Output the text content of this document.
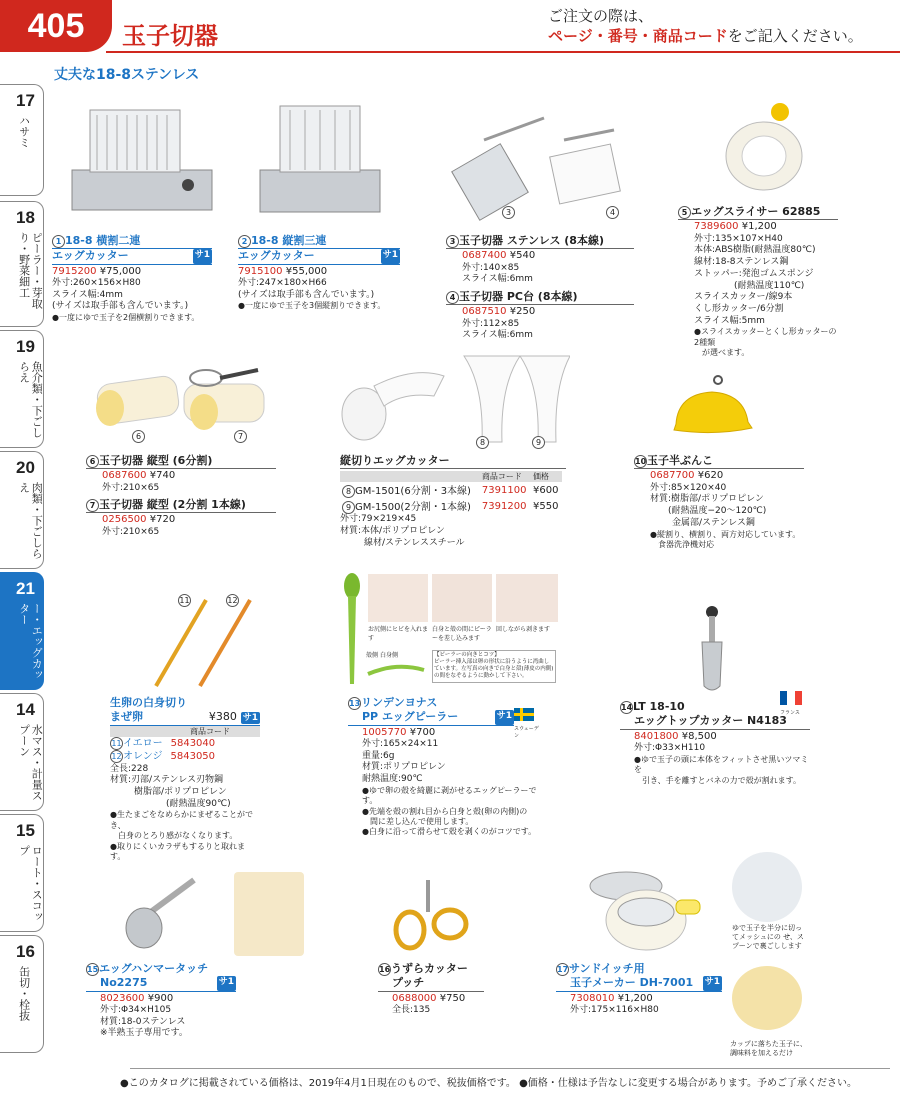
405	玉子切器
ご注文の際は、
ページ・番号・商品コードをご記入ください。
丈夫な18-8ステンレス
17
ハサミ
18
ピーラー・芽取り・野菜細工
19
魚介類・下ごしらえ
20
肉類・下ごしらえ
21
ポテトマッシャー・エッグカッター
14
水マス・計量スプーン
15
ロート・スコップ
16
缶切・栓抜
1 18-8 横割二連
エッグカッター	サ1
7915200 ¥75,000
外寸:260×156×H80
スライス幅:4mm
(サイズは取手部も含んでいます。)
●一度にゆで玉子を2個横割りできます。
2 18-8 縦割三連
エッグカッター	サ1
7915100 ¥55,000
外寸:247×180×H66
(サイズは取手部も含んでいます。)
●一度にゆで玉子を3個縦割りできます。
3	4
3 玉子切器 ステンレス (8本線)
0687400 ¥540
外寸:140×85
スライス幅:6mm
4 玉子切器 PC台 (8本線)
0687510 ¥250
外寸:112×85
スライス幅:6mm
5 エッグスライサー 62885
7389600 ¥1,200
外寸:135×107×H40
本体:ABS樹脂(耐熱温度80℃)
線材:18-8ステンレス鋼
ストッパー:発泡ゴムスポンジ
(耐熱温度110℃)
スライスカッター/線9本
くし形カッター/6分割
スライス幅:5mm
●スライスカッターとくし形カッターの2種類
が選べます。
6	7
6 玉子切器 縦型 (6分割)
0687600 ¥740
外寸:210×65
7 玉子切器 縦型 (2分割 1本線)
0256500 ¥720
外寸:210×65
8	9
縦切りエッグカッター
	商品コード	価格
8 GM-1501(6分割・3本線)	7391100	¥600
9 GM-1500(2分割・1本線)	7391200	¥550
外寸:79×219×45
材質:本体/ポリプロピレン
線材/ステンレススチール
10玉子半ぶんこ
0687700 ¥620
外寸:85×120×40
材質:樹脂部/ポリプロピレン
(耐熱温度−20〜120℃)
金属部/ステンレス鋼
●縦割り、横割り、両方対応しています。
食器洗浄機対応
11	12
生卵の白身切り
まぜ卵	¥380 サ1
商品コード
11イエロー 5843040
12オレンジ 5843050
全長:228
材質:刃部/ステンレス刃物鋼
樹脂部/ポリプロピレン
(耐熱温度90℃)
●生たまごをなめらかにまぜることができ、
白身のとろり感がなくなります。
●取りにくいカラザもするりと取れます。
お尻側にヒビを入れます
白身と殻の間にピーラーを差し込みます
回しながら剥きます
殻側 白身側	【ピーラーの向きとコツ】
ピーラー挿入部は卵の形状に沿うように湾曲しています。左写真の向きで白身と殻(薄皮の内側)の間をなぞるように動かして下さい。
スウェーデン
13リンデンヨナス
PP エッグピーラー	サ1
1005770 ¥700
外寸:165×24×11
重量:6g
材質:ポリプロピレン
耐熱温度:90℃
●ゆで卵の殻を綺麗に剥がせるエッグピーラーです。
●先端を殻の割れ目から白身と殻(卵の内側)の
間に差し込んで使用します。
●白身に沿って滑らせて殻を剥くのがコツです。
フランス
14LT 18-10
エッグトップカッター N4183
8401800 ¥8,500
外寸:Φ33×H110
●ゆで玉子の頭に本体をフィットさせ黒いツマミを
引き、手を離すとバネの力で殻が割れます。
15エッグハンマータッチ
No2275	サ1
8023600 ¥900
外寸:Φ34×H105
材質:18-0ステンレス
※半熟玉子専用です。
16うずらカッター
プッチ
0688000 ¥750
全長:135
ゆで玉子を半分に切っ
てメッシュにの せ、ス
プーンで裏ごしします
カップに落ちた玉子に、
調味料を加えるだけ
17サンドイッチ用
玉子メーカー DH-7001 サ1
7308010 ¥1,200
外寸:175×116×H80
●このカタログに掲載されている価格は、2019年4月1日現在のもので、税抜価格です。 ●価格・仕様は予告なしに変更する場合があります。予めご了承ください。
